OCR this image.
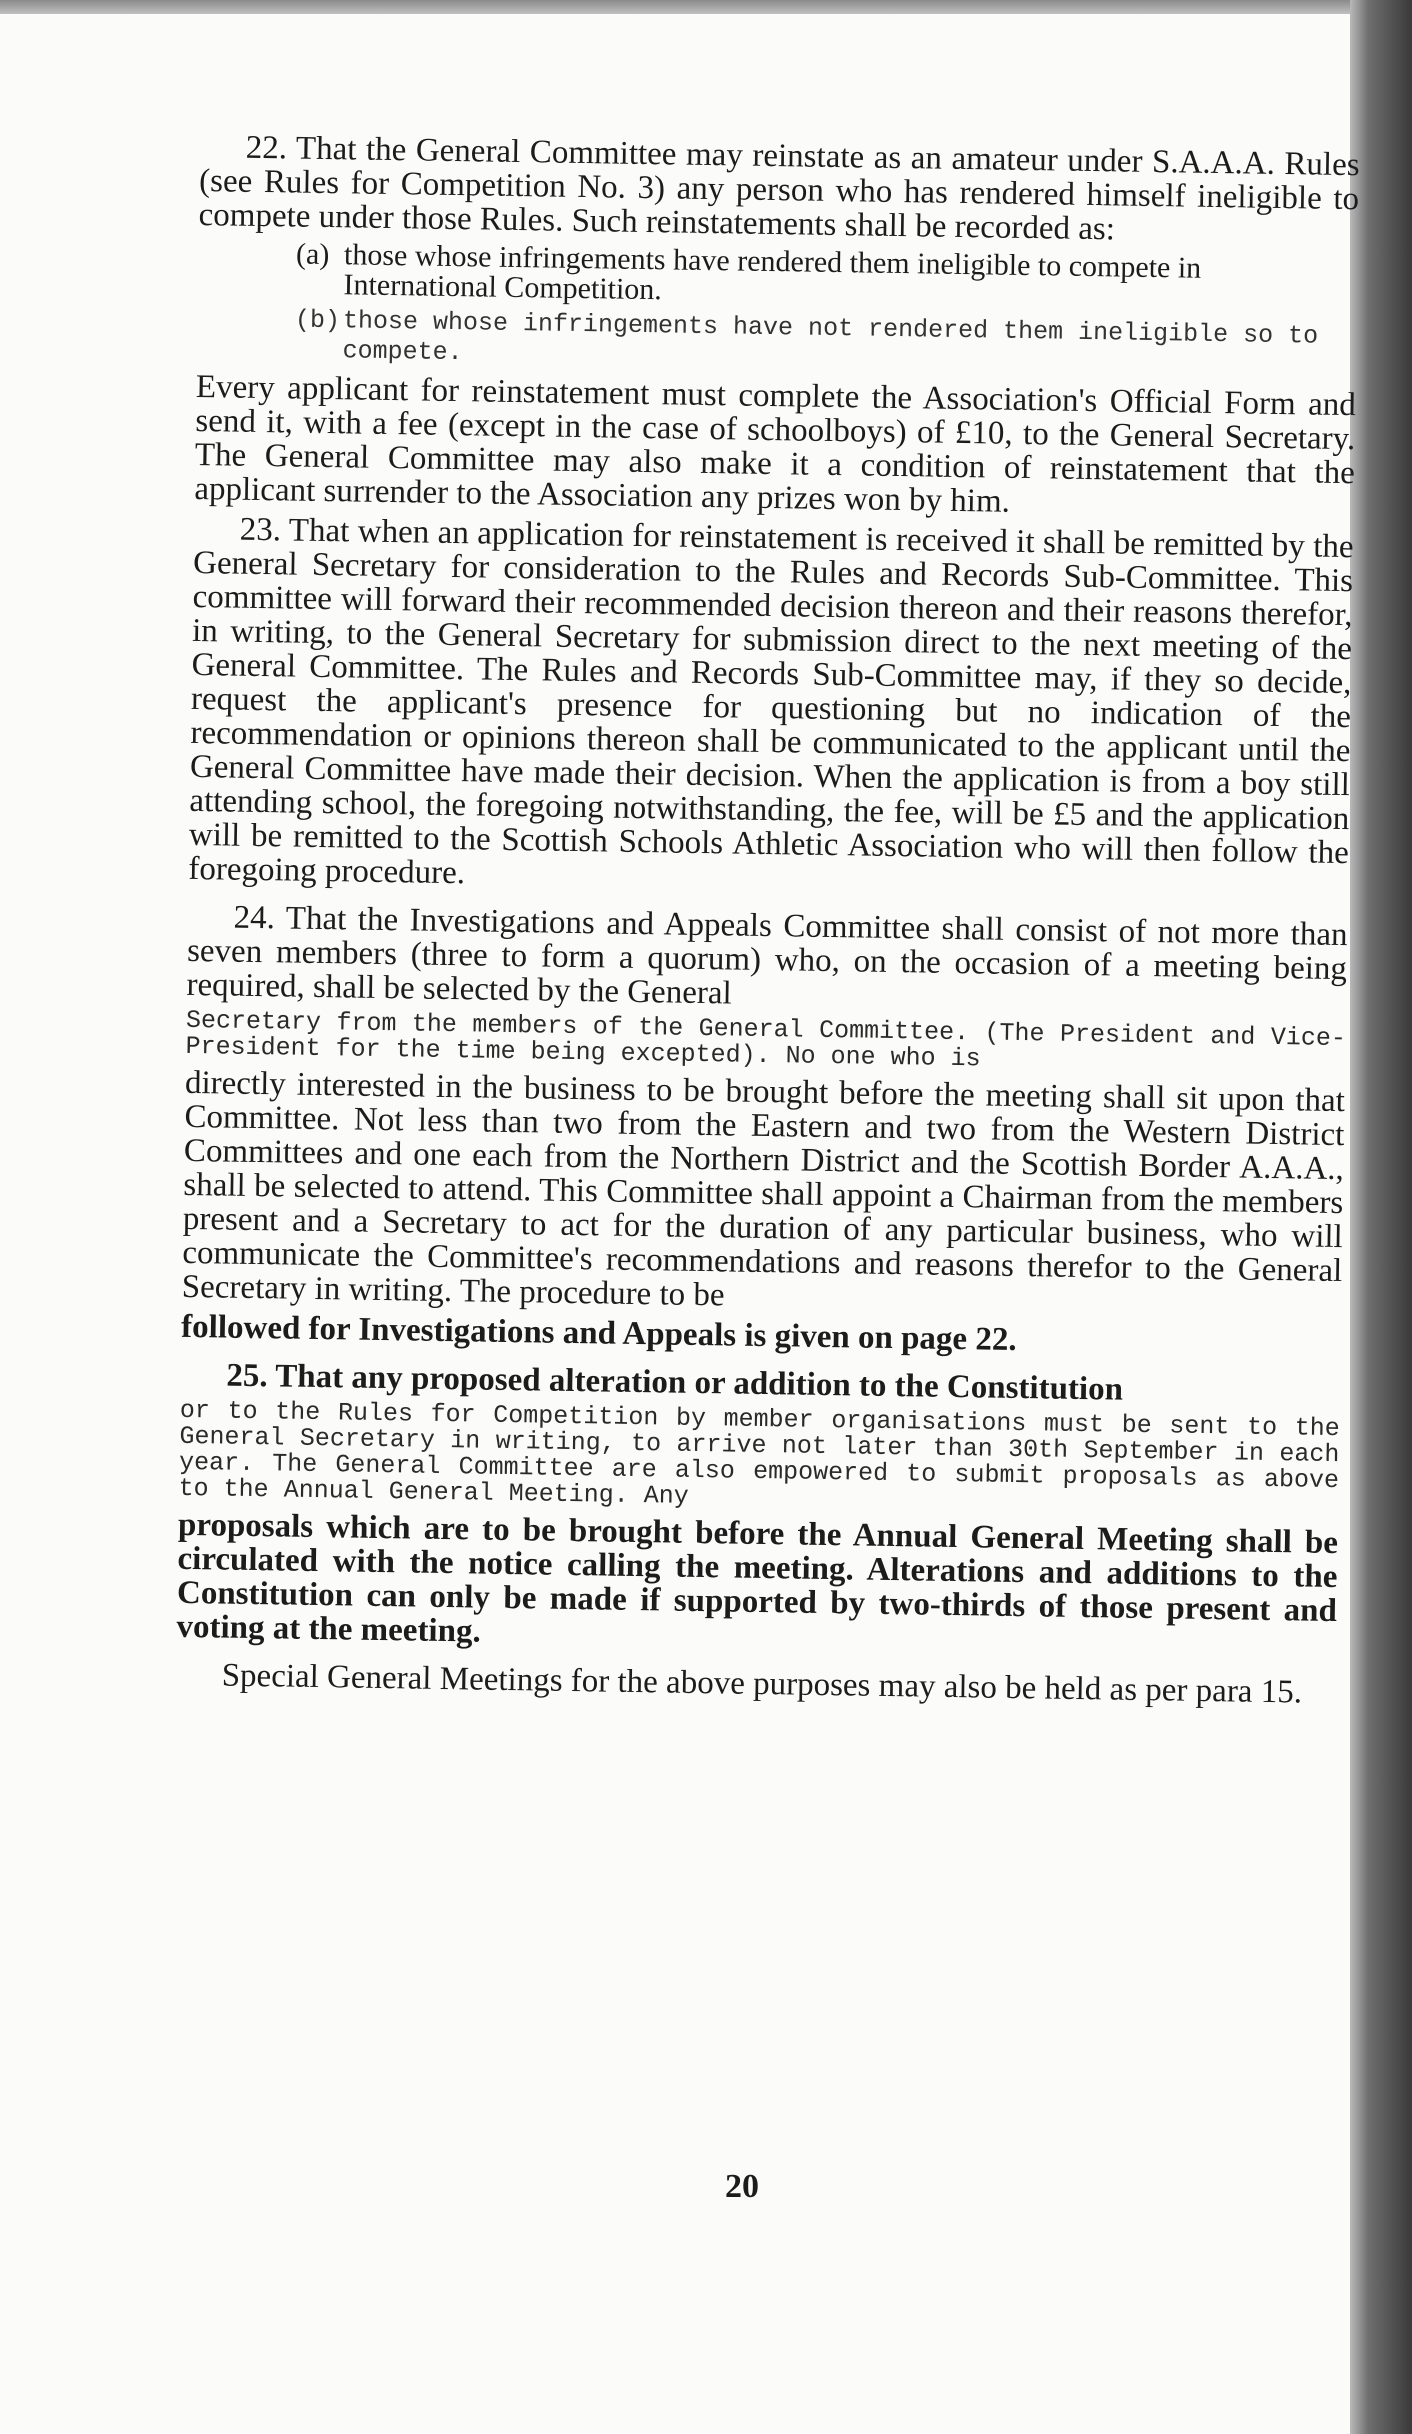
22. That the General Committee may reinstate as an amateur under S.A.A.A. Rules (see Rules for Competition No. 3) any person who has rendered himself ineligible to compete under those Rules. Such reinstatements shall be recorded as:

(a) those whose infringements have rendered them ineligible to compete in International Competition.
(b) those whose infringements have not rendered them ineligible so to compete.

Every applicant for reinstatement must complete the Association's Official Form and send it, with a fee (except in the case of schoolboys) of £10, to the General Secretary. The General Committee may also make it a condition of reinstatement that the applicant surrender to the Association any prizes won by him.

23. That when an application for reinstatement is received it shall be remitted by the General Secretary for consideration to the Rules and Records Sub-Committee. This committee will forward their recommended decision thereon and their reasons therefor, in writing, to the General Secretary for submission direct to the next meeting of the General Committee. The Rules and Records Sub-Committee may, if they so decide, request the applicant's presence for questioning but no indication of the recommendation or opinions thereon shall be communicated to the applicant until the General Committee have made their decision. When the application is from a boy still attending school, the foregoing notwithstanding, the fee, will be £5 and the application will be remitted to the Scottish Schools Athletic Association who will then follow the foregoing procedure.

24. That the Investigations and Appeals Committee shall consist of not more than seven members (three to form a quorum) who, on the occasion of a meeting being required, shall be selected by the General

Secretary from the members of the General Committee. (The President and Vice-President for the time being excepted). No one who is

directly interested in the business to be brought before the meeting shall sit upon that Committee. Not less than two from the Eastern and two from the Western District Committees and one each from the Northern District and the Scottish Border A.A.A., shall be selected to attend. This Committee shall appoint a Chairman from the members present and a Secretary to act for the duration of any particular business, who will communicate the Committee's recommendations and reasons therefor to the General Secretary in writing. The procedure to be

followed for Investigations and Appeals is given on page 22.

25. That any proposed alteration or addition to the Constitution

or to the Rules for Competition by member organisations must be sent to the General Secretary in writing, to arrive not later than 30th September in each year. The General Committee are also empowered to submit proposals as above to the Annual General Meeting. Any

proposals which are to be brought before the Annual General Meeting shall be circulated with the notice calling the meeting. Alterations and additions to the Constitution can only be made if supported by two-thirds of those present and voting at the meeting.

Special General Meetings for the above purposes may also be held as per para 15.

20
